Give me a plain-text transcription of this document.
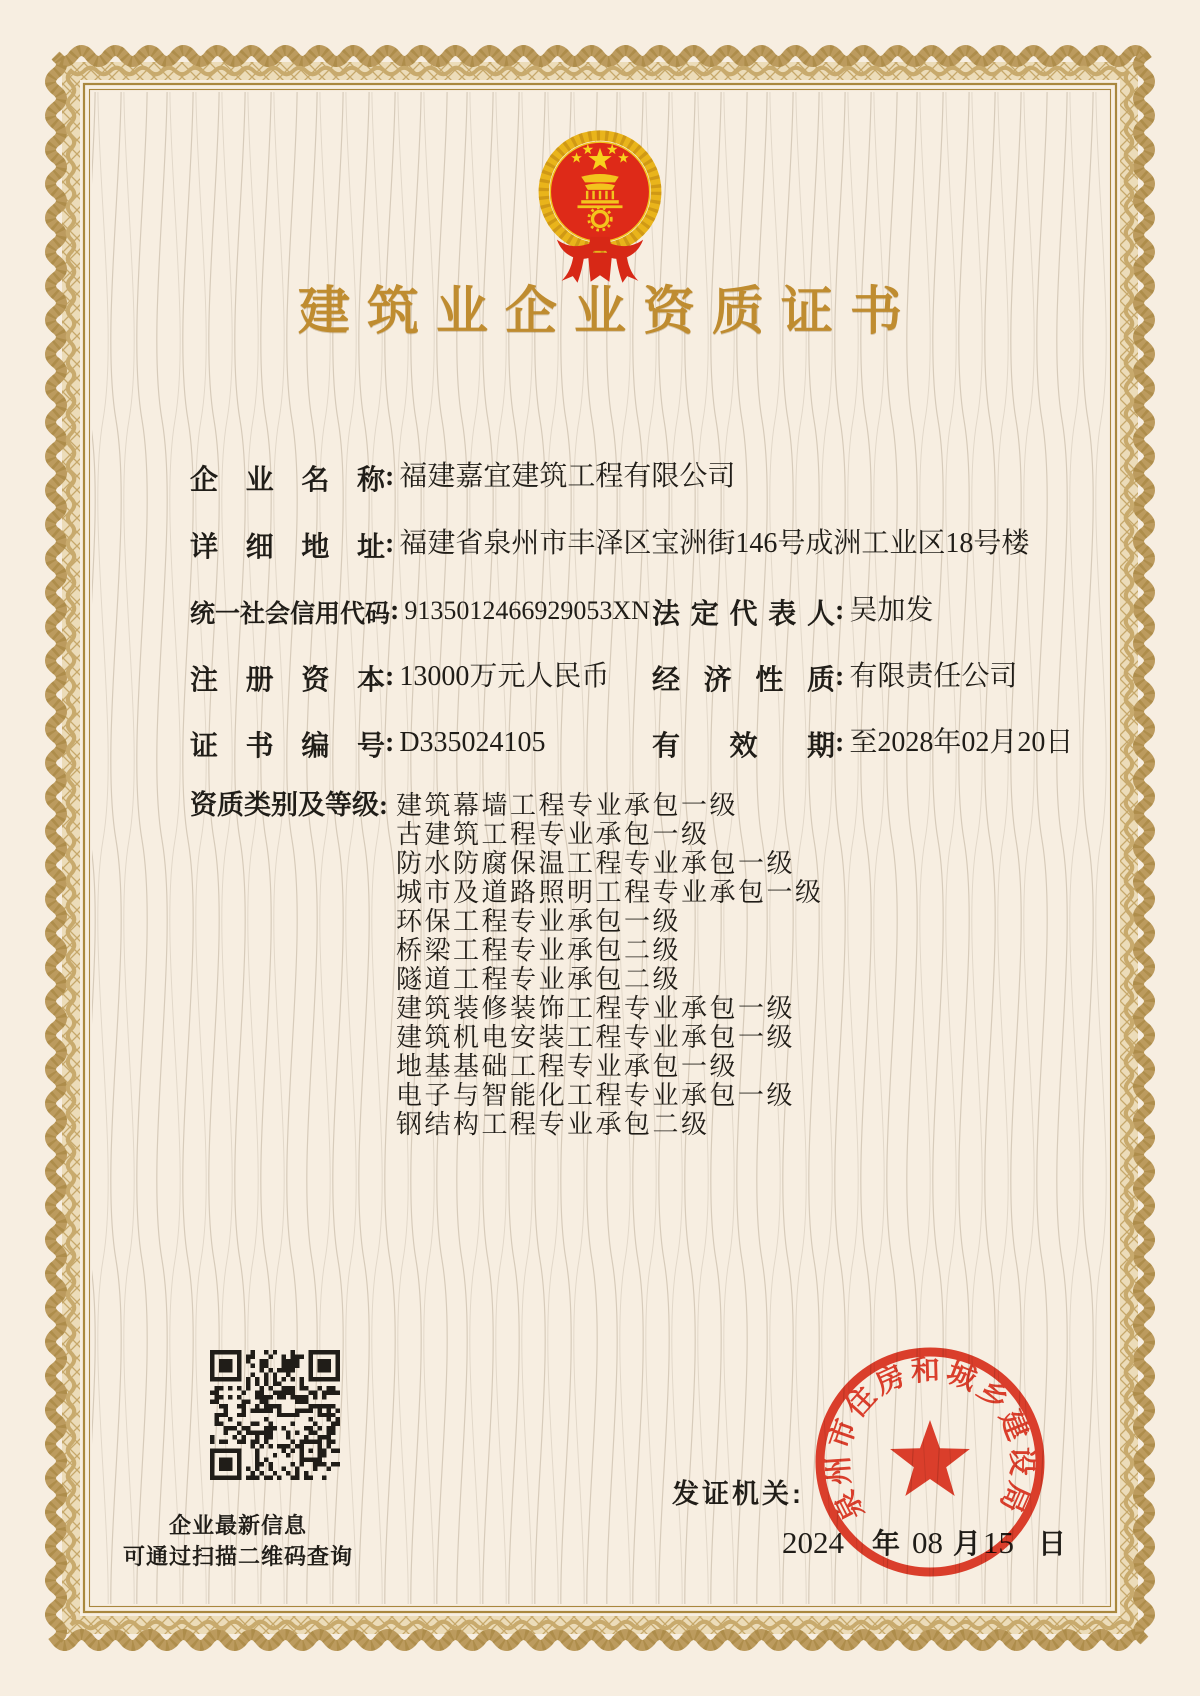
建筑业企业资质证书
企业名称: 福建嘉宜建筑工程有限公司
详细地址: 福建省泉州市丰泽区宝洲街146号成洲工业区18号楼
统一社会信用代码: 9135012466929053XN 法定代表人: 吴加发
注册资本: 13000万元人民币 经济性质: 有限责任公司
证书编号: D335024105	有效期: 至2028年02月20日
资质类别及等级: 建筑幕墙工程专业承包一级
古建筑工程专业承包一级
防水防腐保温工程专业承包一级
城市及道路照明工程专业承包一级
环保工程专业承包一级
桥梁工程专业承包二级
隧道工程专业承包二级
建筑装修装饰工程专业承包一级
建筑机电安装工程专业承包一级
地基基础工程专业承包一级
电子与智能化工程专业承包一级
钢结构工程专业承包二级
企业最新信息
可通过扫描二维码查询
发证机关:
2024 年 08 月15 日
泉州市住房和城乡建设局
